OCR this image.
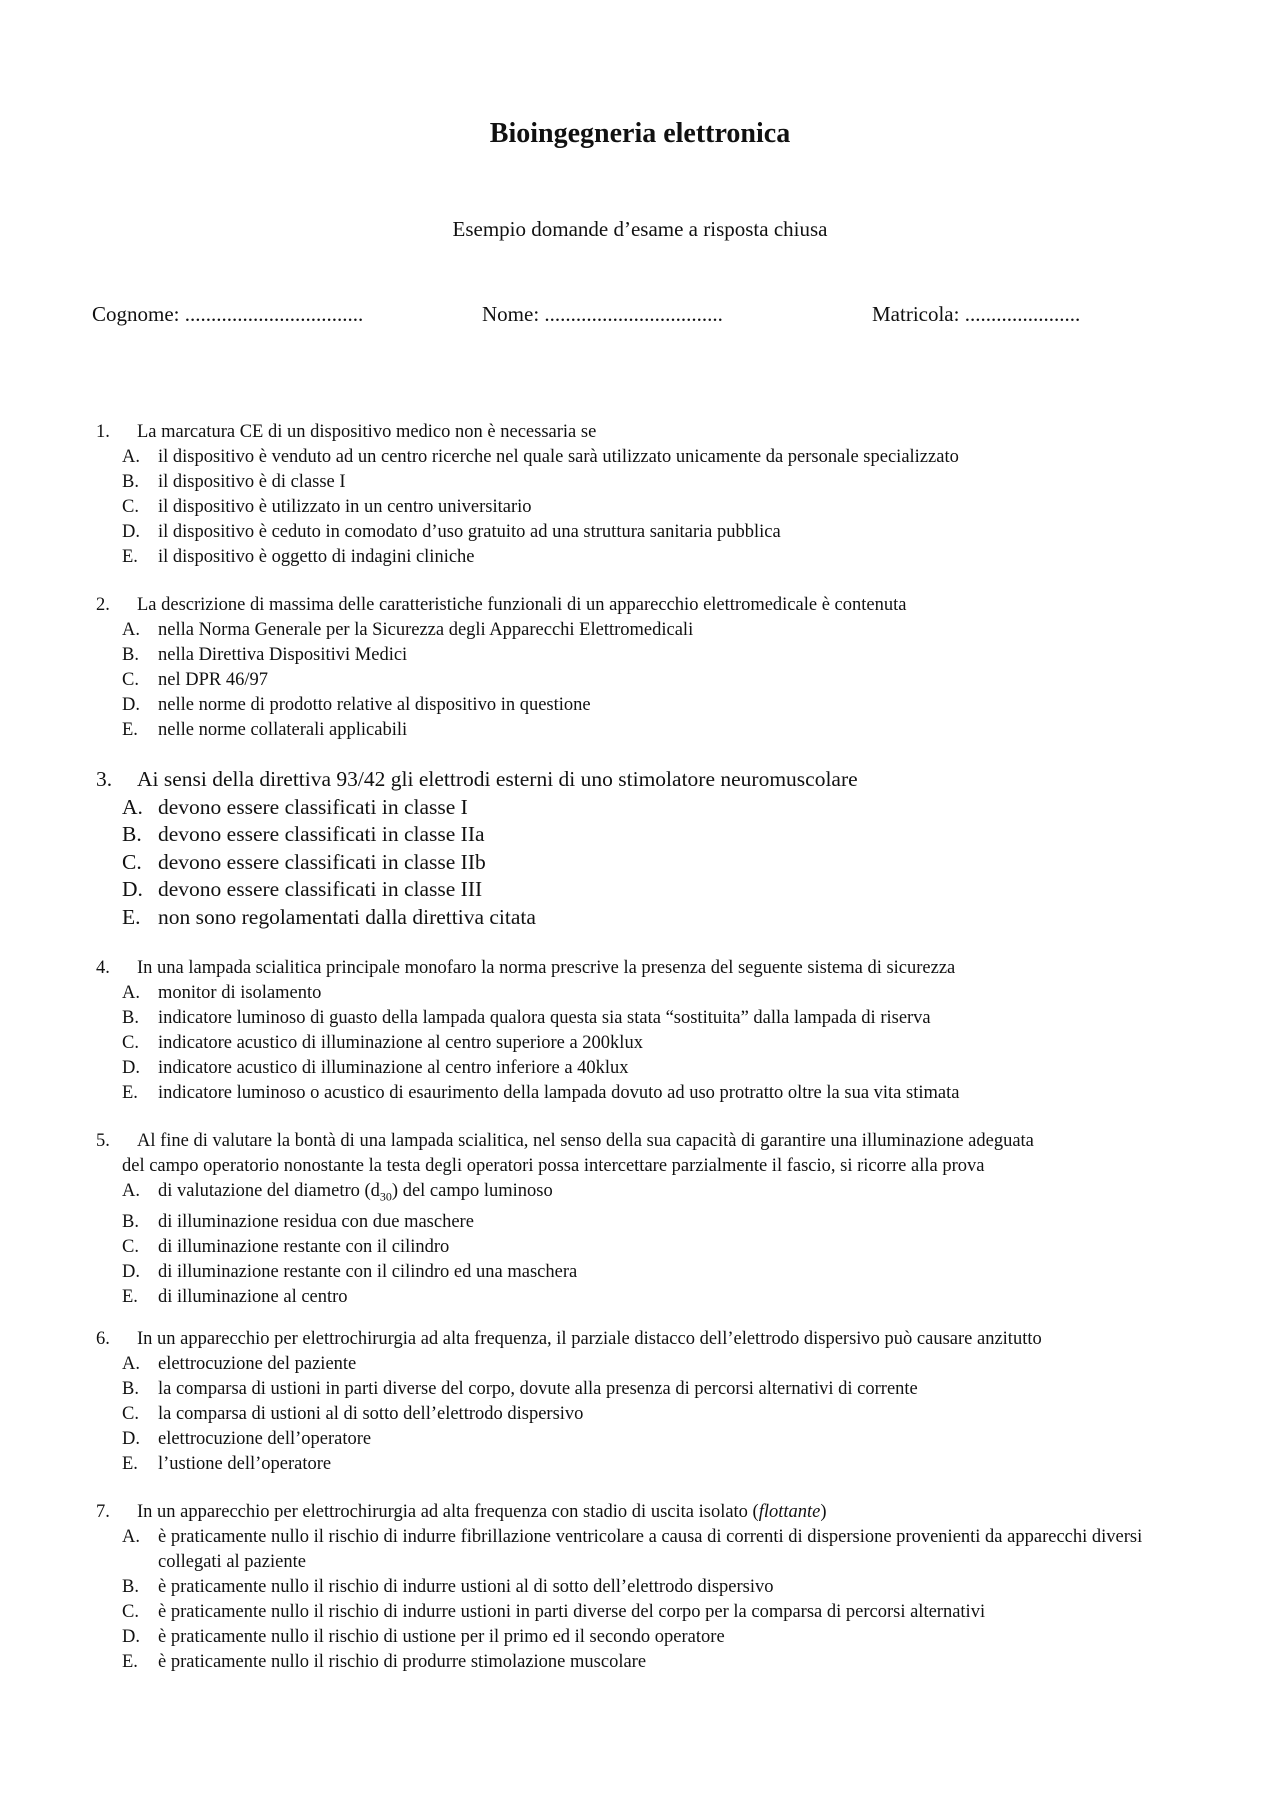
Bioingegneria elettronica

Esempio domande d’esame a risposta chiusa

Cognome: ..................................	Nome: ..................................	Matricola: ......................
1.	La marcatura CE di un dispositivo medico non è necessaria se
A. il dispositivo è venduto ad un centro ricerche nel quale sarà utilizzato unicamente da personale specializzato
B.	il dispositivo è di classe I
C.	il dispositivo è utilizzato in un centro universitario
D. il dispositivo è ceduto in comodato d’uso gratuito ad una struttura sanitaria pubblica
E.	il dispositivo è oggetto di indagini cliniche
2.	La descrizione di massima delle caratteristiche funzionali di un apparecchio elettromedicale è contenuta
A. nella Norma Generale per la Sicurezza degli Apparecchi Elettromedicali
B.	nella Direttiva Dispositivi Medici
C.	nel DPR 46/97
D. nelle norme di prodotto relative al dispositivo in questione
E.	nelle norme collaterali applicabili
3.	Ai sensi della direttiva 93/42 gli elettrodi esterni di uno stimolatore neuromuscolare
A. devono essere classificati in classe I
B. devono essere classificati in classe IIa
C. devono essere classificati in classe IIb
D. devono essere classificati in classe III
E. non sono regolamentati dalla direttiva citata
4.	In una lampada scialitica principale monofaro la norma prescrive la presenza del seguente sistema di sicurezza
A. monitor di isolamento
B.	indicatore luminoso di guasto della lampada qualora questa sia stata “sostituita” dalla lampada di riserva
C.	indicatore acustico di illuminazione al centro superiore a 200klux
D. indicatore acustico di illuminazione al centro inferiore a 40klux
E.	indicatore luminoso o acustico di esaurimento della lampada dovuto ad uso protratto oltre la sua vita stimata
5.	Al fine di valutare la bontà di una lampada scialitica, nel senso della sua capacità di garantire una illuminazione adeguata
del campo operatorio nonostante la testa degli operatori possa intercettare parzialmente il fascio, si ricorre alla prova
A. di valutazione del diametro $(d_{30})$ del campo luminoso
B.	di illuminazione residua con due maschere
C.	di illuminazione restante con il cilindro
D. di illuminazione restante con il cilindro ed una maschera
E.	di illuminazione al centro
6.	In un apparecchio per elettrochirurgia ad alta frequenza, il parziale distacco dell’elettrodo dispersivo può causare anzitutto
A. elettrocuzione del paziente
B.	la comparsa di ustioni in parti diverse del corpo, dovute alla presenza di percorsi alternativi di corrente
C.	la comparsa di ustioni al di sotto dell’elettrodo dispersivo
D. elettrocuzione dell’operatore
E.	l’ustione dell’operatore
7.	In un apparecchio per elettrochirurgia ad alta frequenza con stadio di uscita isolato (flottante)
A. è praticamente nullo il rischio di indurre fibrillazione ventricolare a causa di correnti di dispersione provenienti da apparecchi diversi collegati al paziente
B.	è praticamente nullo il rischio di indurre ustioni al di sotto dell’elettrodo dispersivo
C.	è praticamente nullo il rischio di indurre ustioni in parti diverse del corpo per la comparsa di percorsi alternativi
D. è praticamente nullo il rischio di ustione per il primo ed il secondo operatore
E.	è praticamente nullo il rischio di produrre stimolazione muscolare
